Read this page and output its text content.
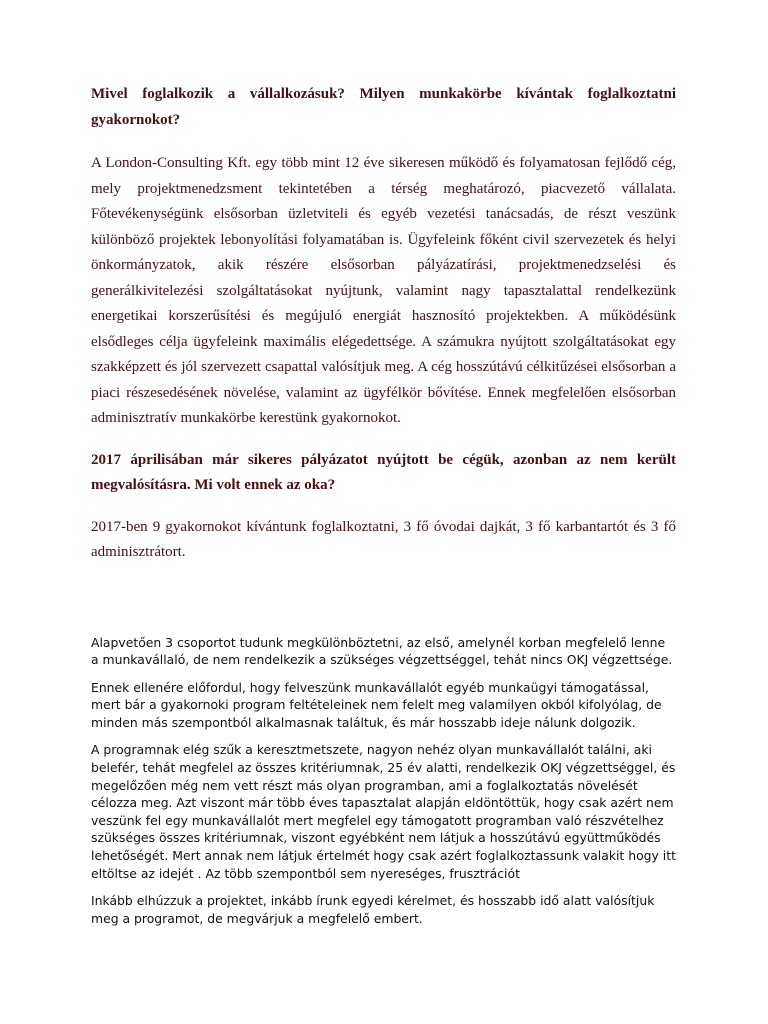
Mivel foglalkozik a vállalkozásuk? Milyen munkakörbe kívántak foglalkoztatni gyakornokot?

A London-Consulting Kft. egy több mint 12 éve sikeresen működő és folyamatosan fejlődő cég, mely projektmenedzsment tekintetében a térség meghatározó, piacvezető vállalata. Főtevékenységünk elsősorban üzletviteli és egyéb vezetési tanácsadás, de részt veszünk különböző projektek lebonyolítási folyamatában is. Ügyfeleink főként civil szervezetek és helyi önkormányzatok, akik részére elsősorban pályázatírási, projektmenedzselési és generálkivitelezési szolgáltatásokat nyújtunk, valamint nagy tapasztalattal rendelkezünk energetikai korszerűsítési és megújuló energiát hasznosító projektekben. A működésünk elsődleges célja ügyfeleink maximális elégedettsége. A számukra nyújtott szolgáltatásokat egy szakképzett és jól szervezett csapattal valósítjuk meg. A cég hosszútávú célkitűzései elsősorban a piaci részesedésének növelése, valamint az ügyfélkör bővítése. Ennek megfelelően elsősorban adminisztratív munkakörbe kerestünk gyakornokot.

2017 áprilisában már sikeres pályázatot nyújtott be cégük, azonban az nem került megvalósításra. Mi volt ennek az oka?

2017-ben 9 gyakornokot kívántunk foglalkoztatni, 3 fő óvodai dajkát, 3 fő karbantartót és 3 fő adminisztrátort.

Alapvetően 3 csoportot tudunk megkülönböztetni, az első, amelynél korban megfelelő lenne a munkavállaló, de nem rendelkezik a szükséges végzettséggel, tehát nincs OKJ végzettsége.

Ennek ellenére előfordul, hogy felveszünk munkavállalót egyéb munkaügyi támogatással, mert bár a gyakornoki program feltételeinek nem felelt meg valamilyen okból kifolyólag, de minden más szempontból alkalmasnak találtuk, és már hosszabb ideje nálunk dolgozik.

A programnak elég szűk a keresztmetszete, nagyon nehéz olyan munkavállalót találni, aki belefér, tehát megfelel az összes kritériumnak, 25 év alatti, rendelkezik OKJ végzettséggel, és megelőzően még nem vett részt más olyan programban, ami a foglalkoztatás növelését célozza meg. Azt viszont már több éves tapasztalat alapján eldöntöttük, hogy csak azért nem veszünk fel egy munkavállalót mert megfelel egy támogatott programban való részvételhez szükséges összes kritériumnak, viszont egyébként nem látjuk a hosszútávú együttműködés lehetőségét. Mert annak nem látjuk értelmét hogy csak azért foglalkoztassunk valakit hogy itt eltöltse az idejét . Az több szempontból sem nyereséges, frusztrációt

Inkább elhúzzuk a projektet, inkább írunk egyedi kérelmet, és hosszabb idő alatt valósítjuk meg a programot, de megvárjuk a megfelelő embert.
